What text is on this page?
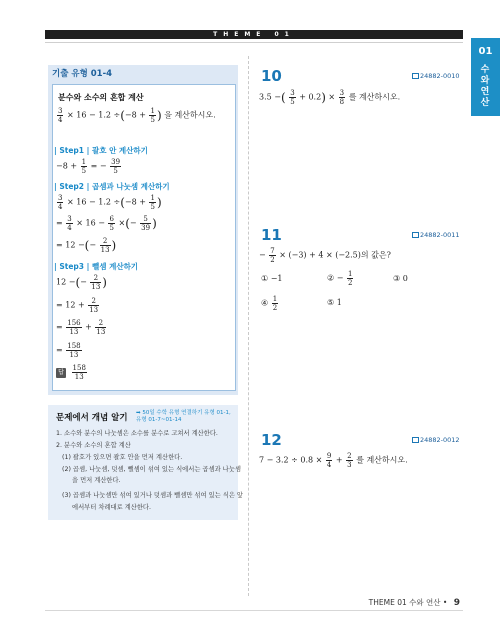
THEME 01
01
수와 연산
기출 유형 01-4
분수와 소수의 혼합 계산
$\frac{3}{4} \times 16 - 1.2 \div(-8 + \frac{1}{5}$ ) 을 계산하시오.
| Step1 | 괄호 안 계산하기
$-8 + \frac{1}{5}$ = − $\frac{39}{5}$
| Step2 | 곱셈과 나눗셈 계산하기
$\frac{3}{4} \times 16 - 1.2 \div(-8 + \frac{1}{5}$ )
= $\frac{3}{4} \times 16 - \frac{6}{5}$ ×(− $\frac{5}{39}$ )
= 12 −(− $\frac{2}{13}$ )
| Step3 | 뺄셈 계산하기
12 −(− $\frac{2}{13}$ )
= $12 + \frac{2}{13}$
= $\frac{156}{13} + \frac{2}{13}$
= $\frac{158}{13}$
답 $\frac{158}{13}$
문제에서 개념 알기 ➡ 50일 수학 유형 연결하기 유형 01-1, 유형 01-7~01-14
1. 소수와 분수의 나눗셈은 소수를 분수로 고쳐서 계산한다.
2. 분수와 소수의 혼합 계산
(1) 괄호가 있으면 괄호 안을 먼저 계산한다.
(2) 곱셈, 나눗셈, 덧셈, 뺄셈이 섞여 있는 식에서는 곱셈과 나눗셈
을 먼저 계산한다.
(3) 곱셈과 나눗셈만 섞여 있거나 덧셈과 뺄셈만 섞여 있는 식은 앞
에서부터 차례대로 계산한다.
10	24882-0010
3.5 −( $\frac{3}{5} + 0.2) \times \frac{3}{8}$ 를 계산하시오.
11	24882-0011
− $\frac{7}{2} \times (-3) + 4 \times (-2.5)$의 값은?
① −1	② − $\frac{1}{2}$	③ 0
④ $\frac{1}{2}$	⑤ 1
12	24882-0012
$7 - 3.2 \div 0.8 \times \frac{9}{4} + \frac{2}{3}$ 를 계산하시오.
THEME 01 수와 연산 • 9
